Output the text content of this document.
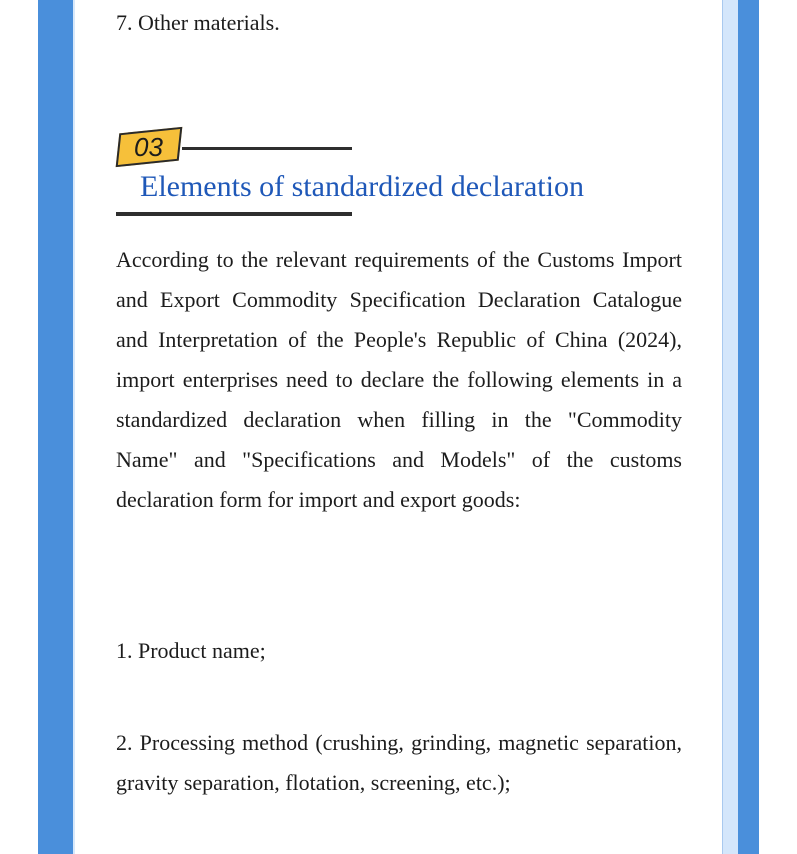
7. Other materials.
03
Elements of standardized declaration
According to the relevant requirements of the Customs Import and Export Commodity Specification Declaration Catalogue and Interpretation of the People's Republic of China (2024), import enterprises need to declare the following elements in a standardized declaration when filling in the "Commodity Name" and "Specifications and Models" of the customs declaration form for import and export goods:
1. Product name;
2. Processing method (crushing, grinding, magnetic separation, gravity separation, flotation, screening, etc.);
